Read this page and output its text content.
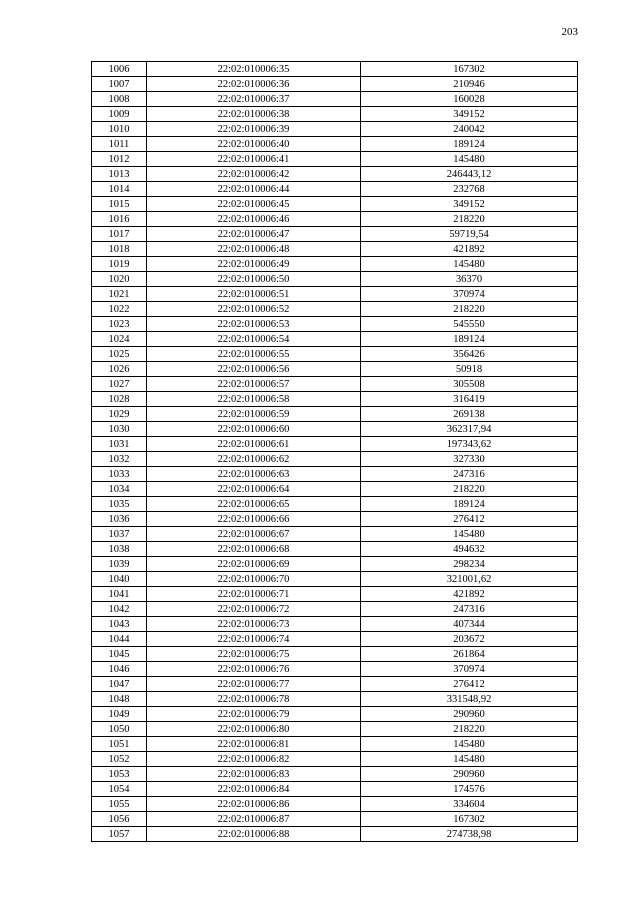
203
1006	22:02:010006:35	167302
1007	22:02:010006:36	210946
1008	22:02:010006:37	160028
1009	22:02:010006:38	349152
1010	22:02:010006:39	240042
1011	22:02:010006:40	189124
1012	22:02:010006:41	145480
1013	22:02:010006:42	246443,12
1014	22:02:010006:44	232768
1015	22:02:010006:45	349152
1016	22:02:010006:46	218220
1017	22:02:010006:47	59719,54
1018	22:02:010006:48	421892
1019	22:02:010006:49	145480
1020	22:02:010006:50	36370
1021	22:02:010006:51	370974
1022	22:02:010006:52	218220
1023	22:02:010006:53	545550
1024	22:02:010006:54	189124
1025	22:02:010006:55	356426
1026	22:02:010006:56	50918
1027	22:02:010006:57	305508
1028	22:02:010006:58	316419
1029	22:02:010006:59	269138
1030	22:02:010006:60	362317,94
1031	22:02:010006:61	197343,62
1032	22:02:010006:62	327330
1033	22:02:010006:63	247316
1034	22:02:010006:64	218220
1035	22:02:010006:65	189124
1036	22:02:010006:66	276412
1037	22:02:010006:67	145480
1038	22:02:010006:68	494632
1039	22:02:010006:69	298234
1040	22:02:010006:70	321001,62
1041	22:02:010006:71	421892
1042	22:02:010006:72	247316
1043	22:02:010006:73	407344
1044	22:02:010006:74	203672
1045	22:02:010006:75	261864
1046	22:02:010006:76	370974
1047	22:02:010006:77	276412
1048	22:02:010006:78	331548,92
1049	22:02:010006:79	290960
1050	22:02:010006:80	218220
1051	22:02:010006:81	145480
1052	22:02:010006:82	145480
1053	22:02:010006:83	290960
1054	22:02:010006:84	174576
1055	22:02:010006:86	334604
1056	22:02:010006:87	167302
1057	22:02:010006:88	274738,98
